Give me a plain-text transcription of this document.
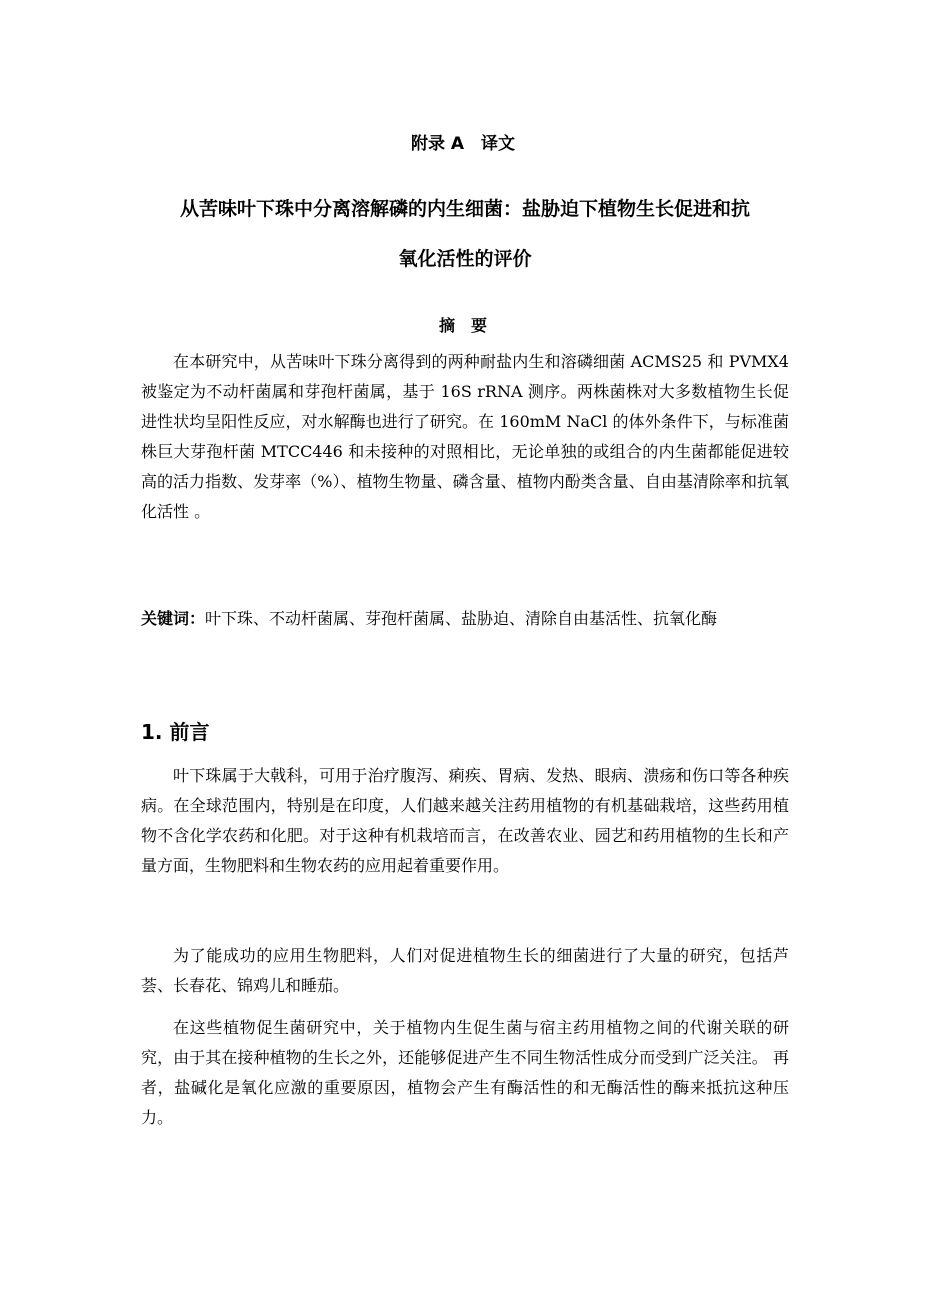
附录 A　译文
从苦味叶下珠中分离溶解磷的内生细菌：盐胁迫下植物生长促进和抗
氧化活性的评价
摘　要

在本研究中，从苦味叶下珠分离得到的两种耐盐内生和溶磷细菌 ACMS25 和 PVMX4 被鉴定为不动杆菌属和芽孢杆菌属，基于 16S rRNA 测序。两株菌株对大多数植物生长促进性状均呈阳性反应，对水解酶也进行了研究。在 160mM NaCl 的体外条件下，与标准菌株巨大芽孢杆菌 MTCC446 和未接种的对照相比，无论单独的或组合的内生菌都能促进较高的活力指数、发芽率（%）、植物生物量、磷含量、植物内酚类含量、自由基清除率和抗氧化活性 。

关键词：叶下珠、不动杆菌属、芽孢杆菌属、盐胁迫、清除自由基活性、抗氧化酶

1. 前言

叶下珠属于大戟科，可用于治疗腹泻、痢疾、胃病、发热、眼病、溃疡和伤口等各种疾病。在全球范围内，特别是在印度，人们越来越关注药用植物的有机基础栽培，这些药用植物不含化学农药和化肥。对于这种有机栽培而言，在改善农业、园艺和药用植物的生长和产量方面，生物肥料和生物农药的应用起着重要作用。

为了能成功的应用生物肥料，人们对促进植物生长的细菌进行了大量的研究，包括芦荟、长春花、锦鸡儿和睡茄。

在这些植物促生菌研究中，关于植物内生促生菌与宿主药用植物之间的代谢关联的研究，由于其在接种植物的生长之外，还能够促进产生不同生物活性成分而受到广泛关注。 再者，盐碱化是氧化应激的重要原因，植物会产生有酶活性的和无酶活性的酶来抵抗这种压力。
